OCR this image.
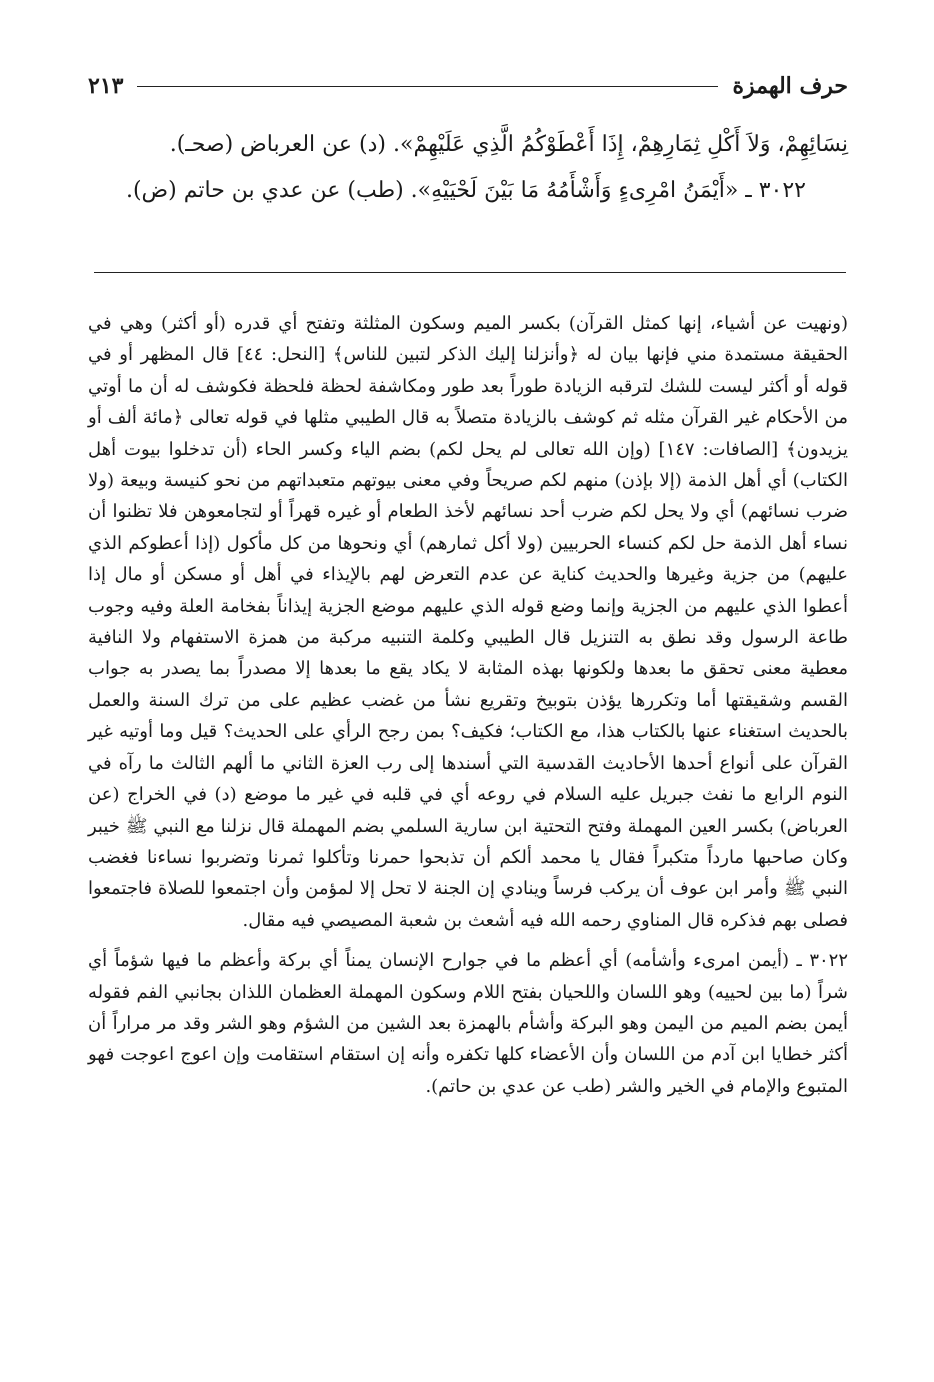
٢١٣	حرف الهمزة

نِسَائِهِمْ، وَلاَ أَكْلِ ثِمَارِهِمْ، إِذَا أَعْطَوْكُمُ الَّذِي عَلَيْهِمْ». (د) عن العرباض (صحـ).

٣٠٢٢ ـ «أَيْمَنُ امْرِىءٍ وَأَشْأَمُهُ مَا بَيْنَ لَحْيَيْهِ». (طب) عن عدي بن حاتم (ض).

(ونهيت عن أشياء، إنها كمثل القرآن) بكسر الميم وسكون المثلثة وتفتح أي قدره (أو أكثر) وهي في الحقيقة مستمدة مني فإنها بيان له ﴿وأنزلنا إليك الذكر لتبين للناس﴾ [النحل: ٤٤] قال المظهر أو في قوله أو أكثر ليست للشك لترقبه الزيادة طوراً بعد طور ومكاشفة لحظة فلحظة فكوشف له أن ما أوتي من الأحكام غير القرآن مثله ثم كوشف بالزيادة متصلاً به قال الطيبي مثلها في قوله تعالى ﴿مائة ألف أو يزيدون﴾ [الصافات: ١٤٧] (وإن الله تعالى لم يحل لكم) بضم الياء وكسر الحاء (أن تدخلوا بيوت أهل الكتاب) أي أهل الذمة (إلا بإذن) منهم لكم صريحاً وفي معنى بيوتهم متعبداتهم من نحو كنيسة وبيعة (ولا ضرب نسائهم) أي ولا يحل لكم ضرب أحد نسائهم لأخذ الطعام أو غيره قهراً أو لتجامعوهن فلا تظنوا أن نساء أهل الذمة حل لكم كنساء الحربيين (ولا أكل ثمارهم) أي ونحوها من كل مأكول (إذا أعطوكم الذي عليهم) من جزية وغيرها والحديث كناية عن عدم التعرض لهم بالإيذاء في أهل أو مسكن أو مال إذا أعطوا الذي عليهم من الجزية وإنما وضع قوله الذي عليهم موضع الجزية إيذاناً بفخامة العلة وفيه وجوب طاعة الرسول وقد نطق به التنزيل قال الطيبي وكلمة التنبيه مركبة من همزة الاستفهام ولا النافية معطية معنى تحقق ما بعدها ولكونها بهذه المثابة لا يكاد يقع ما بعدها إلا مصدراً بما يصدر به جواب القسم وشقيقتها أما وتكررها يؤذن بتوبيخ وتقريع نشأ من غضب عظيم على من ترك السنة والعمل بالحديث استغناء عنها بالكتاب هذا، مع الكتاب؛ فكيف؟ بمن رجح الرأي على الحديث؟ قيل وما أوتيه غير القرآن على أنواع أحدها الأحاديث القدسية التي أسندها إلى رب العزة الثاني ما ألهم الثالث ما رآه في النوم الرابع ما نفث جبريل عليه السلام في روعه أي في قلبه في غير ما موضع (د) في الخراج (عن العرباض) بكسر العين المهملة وفتح التحتية ابن سارية السلمي بضم المهملة قال نزلنا مع النبي ﷺ خيبر وكان صاحبها مارداً متكبراً فقال يا محمد ألكم أن تذبحوا حمرنا وتأكلوا ثمرنا وتضربوا نساءنا فغضب النبي ﷺ وأمر ابن عوف أن يركب فرساً وينادي إن الجنة لا تحل إلا لمؤمن وأن اجتمعوا للصلاة فاجتمعوا فصلى بهم فذكره قال المناوي رحمه الله فيه أشعث بن شعبة المصيصي فيه مقال.

٣٠٢٢ ـ (أيمن امرىء وأشأمه) أي أعظم ما في جوارح الإنسان يمناً أي بركة وأعظم ما فيها شؤماً أي شراً (ما بين لحييه) وهو اللسان واللحيان بفتح اللام وسكون المهملة العظمان اللذان بجانبي الفم فقوله أيمن بضم الميم من اليمن وهو البركة وأشأم بالهمزة بعد الشين من الشؤم وهو الشر وقد مر مراراً أن أكثر خطايا ابن آدم من اللسان وأن الأعضاء كلها تكفره وأنه إن استقام استقامت وإن اعوج اعوجت فهو المتبوع والإمام في الخير والشر (طب عن عدي بن حاتم).
